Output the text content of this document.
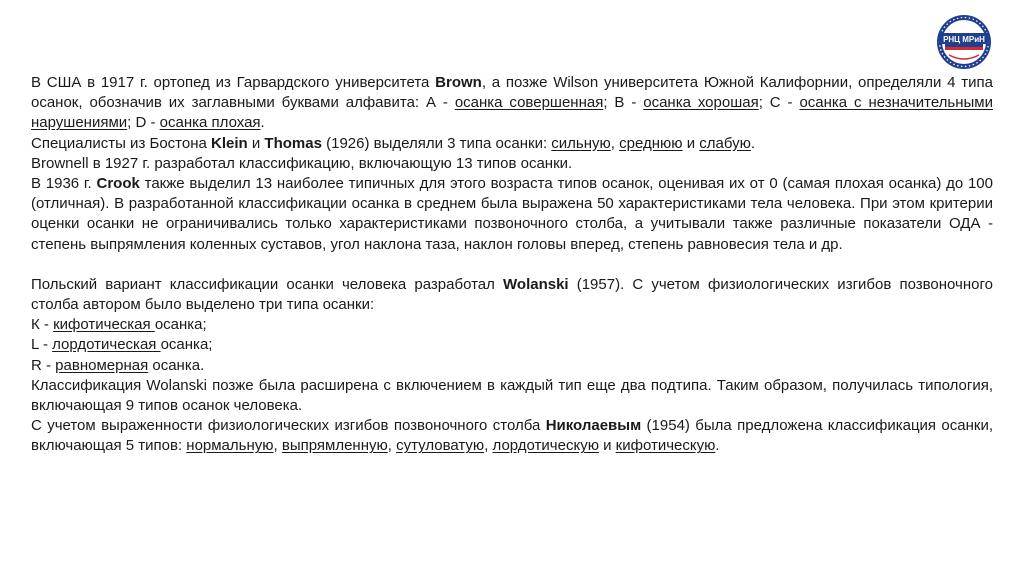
РНЦ МРиН

В США в 1917 г. ортопед из Гарвардского университета Brown, а позже Wilson университета Южной Калифорнии, определяли 4 типа осанок, обозначив их заглавными буквами алфавита: А - осанка совершенная; В - осанка хорошая; С - осанка с незначительными нарушениями; D - осанка плохая.

Специалисты из Бостона Klein и Thomas (1926) выделяли 3 типа осанки: сильную, среднюю и слабую.

Brownell в 1927 г. разработал классификацию, включающую 13 типов осанки.

В 1936 г. Crook также выделил 13 наиболее типичных для этого возраста типов осанок, оценивая их от 0 (самая плохая осанка) до 100 (отличная). В разработанной классификации осанка в среднем была выражена 50 характеристиками тела человека. При этом критерии оценки осанки не ограничивались только характеристиками позвоночного столба, а учитывали также различные показатели ОДА - степень выпрямления коленных суставов, угол наклона таза, наклон головы вперед, степень равновесия тела и др.

Польский вариант классификации осанки человека разработал Wolanski (1957). С учетом физиологических изгибов позвоночного столба автором было выделено три типа осанки:

К - кифотическая осанка;

L - лордотическая осанка;

R - равномерная осанка.

Классификация Wolanski позже была расширена с включением в каждый тип еще два подтипа. Таким образом, получилась типология, включающая 9 типов осанок человека.

С учетом выраженности физиологических изгибов позвоночного столба Николаевым (1954) была предложена классификация осанки, включающая 5 типов: нормальную, выпрямленную, сутуловатую, лордотическую и кифотическую.
